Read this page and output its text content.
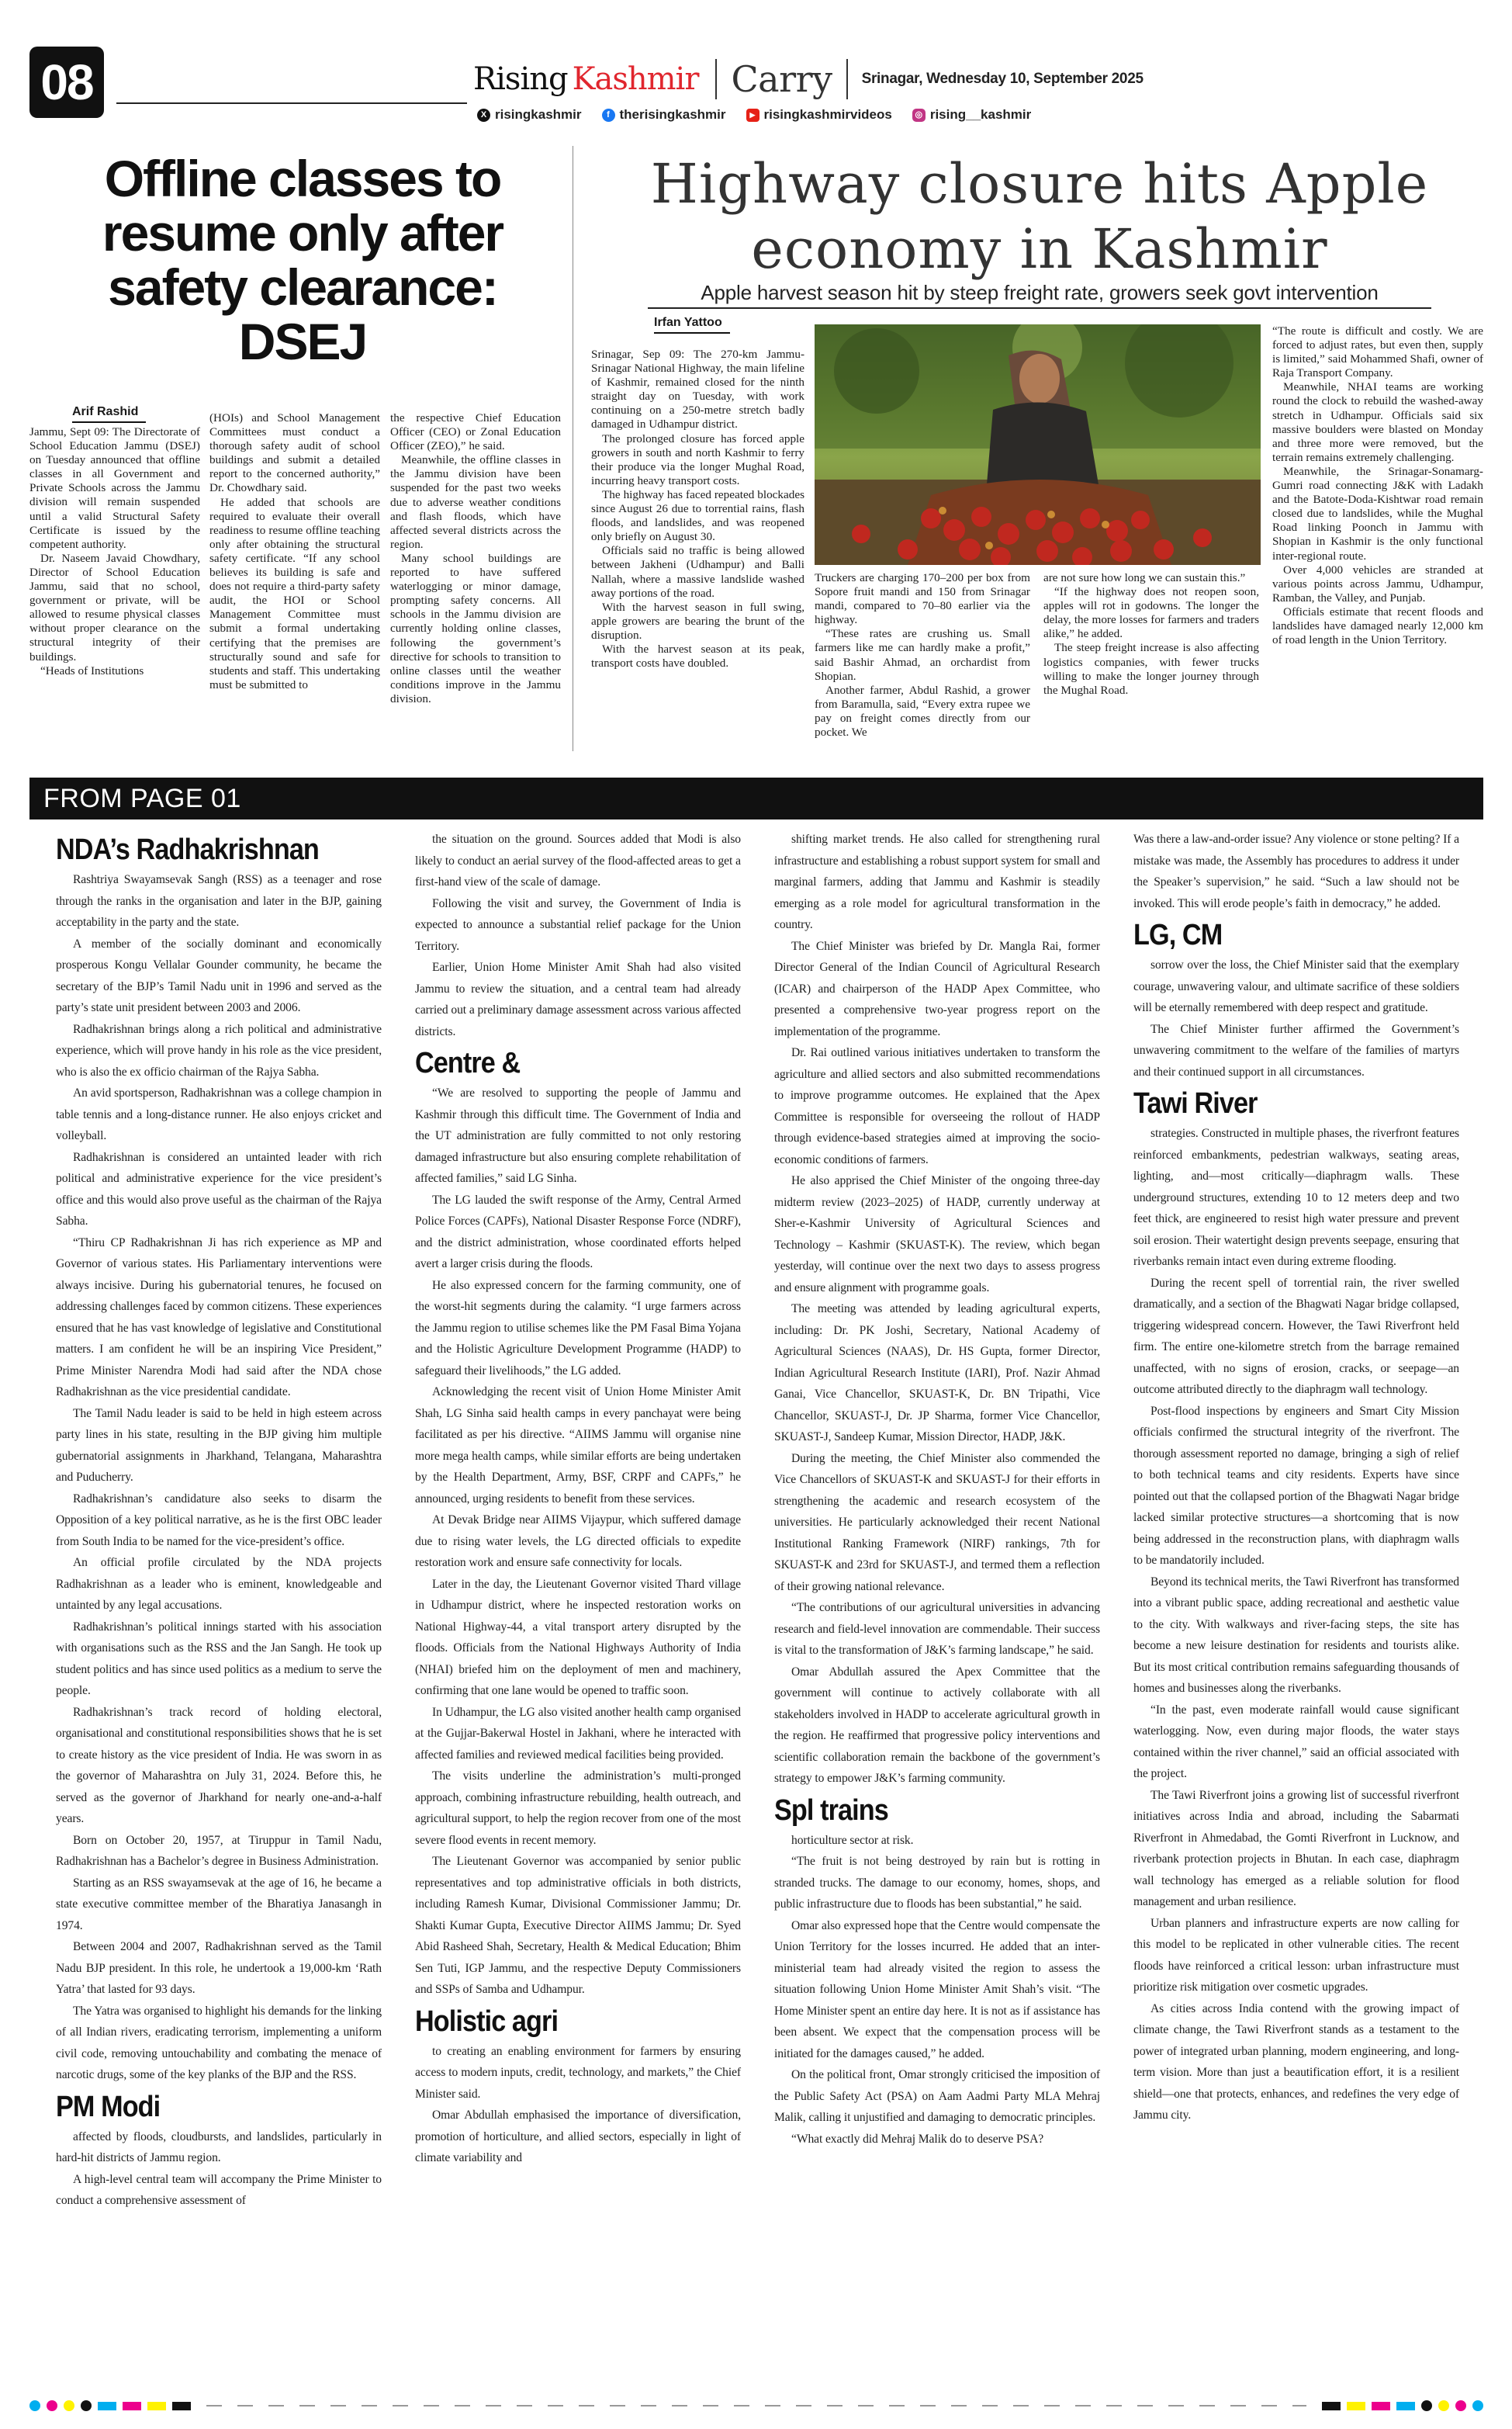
08	Rising Kashmir Carry Srinagar, Wednesday 10, September 2025
X risingkashmir	f therisingkashmir	▶ risingkashmirvideos	◎ rising__kashmir
Offline classes to resume only after safety clearance: DSEJ
Arif Rashid

Jammu, Sept 09: The Directorate of School Education Jammu (DSEJ) on Tuesday announced that offline classes in all Government and Private Schools across the Jammu division will remain suspended until a valid Structural Safety Certificate is issued by the competent authority.

Dr. Naseem Javaid Chowdhary, Director of School Education Jammu, said that no school, government or private, will be allowed to resume physical classes without proper clearance on the structural integrity of their buildings.

“Heads of Institutions

(HOIs) and School Management Committees must conduct a thorough safety audit of school buildings and submit a detailed report to the concerned authority,” Dr. Chowdhary said.

He added that schools are required to evaluate their overall readiness to resume offline teaching only after obtaining the structural safety certificate. “If any school believes its building is safe and does not require a third-party safety audit, the HOI or School Management Committee must submit a formal undertaking certifying that the premises are structurally sound and safe for students and staff. This undertaking must be submitted to

the respective Chief Education Officer (CEO) or Zonal Education Officer (ZEO),” he said.

Meanwhile, the offline classes in the Jammu division have been suspended for the past two weeks due to adverse weather conditions and flash floods, which have affected several districts across the region.

Many school buildings are reported to have suffered waterlogging or minor damage, prompting safety concerns. All schools in the Jammu division are currently holding online classes, following the government’s directive for schools to transition to online classes until the weather conditions improve in the Jammu division.

Highway closure hits Apple
economy in Kashmir
Apple harvest season hit by steep freight rate, growers seek govt intervention
Irfan Yattoo

Srinagar, Sep 09: The 270-km Jammu-Srinagar National Highway, the main lifeline of Kashmir, remained closed for the ninth straight day on Tuesday, with work continuing on a 250-metre stretch badly damaged in Udhampur district.

The prolonged closure has forced apple growers in south and north Kashmir to ferry their produce via the longer Mughal Road, incurring heavy transport costs.

The highway has faced repeated blockades since August 26 due to torrential rains, flash floods, and landslides, and was reopened only briefly on August 30.

Officials said no traffic is being allowed between Jakheni (Udhampur) and Balli Nallah, where a massive landslide washed away portions of the road.

With the harvest season in full swing, apple growers are bearing the brunt of the disruption.

With the harvest season at its peak, transport costs have doubled.

Truckers are charging 170–200 per box from Sopore fruit mandi and 150 from Srinagar mandi, compared to 70–80 earlier via the highway.

“These rates are crushing us. Small farmers like me can hardly make a profit,” said Bashir Ahmad, an orchardist from Shopian.

Another farmer, Abdul Rashid, a grower from Baramulla, said, “Every extra rupee we pay on freight comes directly from our pocket. We

are not sure how long we can sustain this.”

“If the highway does not reopen soon, apples will rot in godowns. The longer the delay, the more losses for farmers and traders alike,” he added.

The steep freight increase is also affecting logistics companies, with fewer trucks willing to make the longer journey through the Mughal Road.

“The route is difficult and costly. We are forced to adjust rates, but even then, supply is limited,” said Mohammed Shafi, owner of Raja Transport Company.

Meanwhile, NHAI teams are working round the clock to rebuild the washed-away stretch in Udhampur. Officials said six massive boulders were blasted on Monday and three more were removed, but the terrain remains extremely challenging.

Meanwhile, the Srinagar-Sonamarg-Gumri road connecting J&K with Ladakh and the Batote-Doda-Kishtwar road remain closed due to landslides, while the Mughal Road linking Poonch in Jammu with Shopian in Kashmir is the only functional inter-regional route.

Over 4,000 vehicles are stranded at various points across Jammu, Udhampur, Ramban, the Valley, and Punjab.

Officials estimate that recent floods and landslides have damaged nearly 12,000 km of road length in the Union Territory.

FROM PAGE 01
NDA’s Radhakrishnan

Rashtriya Swayamsevak Sangh (RSS) as a teenager and rose through the ranks in the organisation and later in the BJP, gaining acceptability in the party and the state.

A member of the socially dominant and economically prosperous Kongu Vellalar Gounder community, he became the secretary of the BJP’s Tamil Nadu unit in 1996 and served as the party’s state unit president between 2003 and 2006.

Radhakrishnan brings along a rich political and administrative experience, which will prove handy in his role as the vice president, who is also the ex officio chairman of the Rajya Sabha.

An avid sportsperson, Radhakrishnan was a college champion in table tennis and a long-distance runner. He also enjoys cricket and volleyball.

Radhakrishnan is considered an untainted leader with rich political and administrative experience for the vice president’s office and this would also prove useful as the chairman of the Rajya Sabha.

“Thiru CP Radhakrishnan Ji has rich experience as MP and Governor of various states. His Parliamentary interventions were always incisive. During his gubernatorial tenures, he focused on addressing challenges faced by common citizens. These experiences ensured that he has vast knowledge of legislative and Constitutional matters. I am confident he will be an inspiring Vice President,” Prime Minister Narendra Modi had said after the NDA chose Radhakrishnan as the vice presidential candidate.

The Tamil Nadu leader is said to be held in high esteem across party lines in his state, resulting in the BJP giving him multiple gubernatorial assignments in Jharkhand, Telangana, Maharashtra and Puducherry.

Radhakrishnan’s candidature also seeks to disarm the Opposition of a key political narrative, as he is the first OBC leader from South India to be named for the vice-president’s office.

An official profile circulated by the NDA projects Radhakrishnan as a leader who is eminent, knowledgeable and untainted by any legal accusations.

Radhakrishnan’s political innings started with his association with organisations such as the RSS and the Jan Sangh. He took up student politics and has since used politics as a medium to serve the people.

Radhakrishnan’s track record of holding electoral, organisational and constitutional responsibilities shows that he is set to create history as the vice president of India. He was sworn in as the governor of Maharashtra on July 31, 2024. Before this, he served as the governor of Jharkhand for nearly one-and-a-half years.

Born on October 20, 1957, at Tiruppur in Tamil Nadu, Radhakrishnan has a Bachelor’s degree in Business Administration.

Starting as an RSS swayamsevak at the age of 16, he became a state executive committee member of the Bharatiya Janasangh in 1974.

Between 2004 and 2007, Radhakrishnan served as the Tamil Nadu BJP president. In this role, he undertook a 19,000-km ‘Rath Yatra’ that lasted for 93 days.

The Yatra was organised to highlight his demands for the linking of all Indian rivers, eradicating terrorism, implementing a uniform civil code, removing untouchability and combating the menace of narcotic drugs, some of the key planks of the BJP and the RSS.

PM Modi

affected by floods, cloudbursts, and landslides, particularly in hard-hit districts of Jammu region.

A high-level central team will accompany the Prime Minister to conduct a comprehensive assessment of

the situation on the ground. Sources added that Modi is also likely to conduct an aerial survey of the flood-affected areas to get a first-hand view of the scale of damage.

Following the visit and survey, the Government of India is expected to announce a substantial relief package for the Union Territory.

Earlier, Union Home Minister Amit Shah had also visited Jammu to review the situation, and a central team had already carried out a preliminary damage assessment across various affected districts.

Centre &

“We are resolved to supporting the people of Jammu and Kashmir through this difficult time. The Government of India and the UT administration are fully committed to not only restoring damaged infrastructure but also ensuring complete rehabilitation of affected families,” said LG Sinha.

The LG lauded the swift response of the Army, Central Armed Police Forces (CAPFs), National Disaster Response Force (NDRF), and the district administration, whose coordinated efforts helped avert a larger crisis during the floods.

He also expressed concern for the farming community, one of the worst-hit segments during the calamity. “I urge farmers across the Jammu region to utilise schemes like the PM Fasal Bima Yojana and the Holistic Agriculture Development Programme (HADP) to safeguard their livelihoods,” the LG added.

Acknowledging the recent visit of Union Home Minister Amit Shah, LG Sinha said health camps in every panchayat were being facilitated as per his directive. “AIIMS Jammu will organise nine more mega health camps, while similar efforts are being undertaken by the Health Department, Army, BSF, CRPF and CAPFs,” he announced, urging residents to benefit from these services.

At Devak Bridge near AIIMS Vijaypur, which suffered damage due to rising water levels, the LG directed officials to expedite restoration work and ensure safe connectivity for locals.

Later in the day, the Lieutenant Governor visited Thard village in Udhampur district, where he inspected restoration works on National Highway-44, a vital transport artery disrupted by the floods. Officials from the National Highways Authority of India (NHAI) briefed him on the deployment of men and machinery, confirming that one lane would be opened to traffic soon.

In Udhampur, the LG also visited another health camp organised at the Gujjar-Bakerwal Hostel in Jakhani, where he interacted with affected families and reviewed medical facilities being provided.

The visits underline the administration’s multi-pronged approach, combining infrastructure rebuilding, health outreach, and agricultural support, to help the region recover from one of the most severe flood events in recent memory.

The Lieutenant Governor was accompanied by senior public representatives and top administrative officials in both districts, including Ramesh Kumar, Divisional Commissioner Jammu; Dr. Shakti Kumar Gupta, Executive Director AIIMS Jammu; Dr. Syed Abid Rasheed Shah, Secretary, Health & Medical Education; Bhim Sen Tuti, IGP Jammu, and the respective Deputy Commissioners and SSPs of Samba and Udhampur.

Holistic agri

to creating an enabling environment for farmers by ensuring access to modern inputs, credit, technology, and markets,” the Chief Minister said.

Omar Abdullah emphasised the importance of diversification, promotion of horticulture, and allied sectors, especially in light of climate variability and

shifting market trends. He also called for strengthening rural infrastructure and establishing a robust support system for small and marginal farmers, adding that Jammu and Kashmir is steadily emerging as a role model for agricultural transformation in the country.

The Chief Minister was briefed by Dr. Mangla Rai, former Director General of the Indian Council of Agricultural Research (ICAR) and chairperson of the HADP Apex Committee, who presented a comprehensive two-year progress report on the implementation of the programme.

Dr. Rai outlined various initiatives undertaken to transform the agriculture and allied sectors and also submitted recommendations to improve programme outcomes. He explained that the Apex Committee is responsible for overseeing the rollout of HADP through evidence-based strategies aimed at improving the socio-economic conditions of farmers.

He also apprised the Chief Minister of the ongoing three-day midterm review (2023–2025) of HADP, currently underway at Sher-e-Kashmir University of Agricultural Sciences and Technology – Kashmir (SKUAST-K). The review, which began yesterday, will continue over the next two days to assess progress and ensure alignment with programme goals.

The meeting was attended by leading agricultural experts, including: Dr. PK Joshi, Secretary, National Academy of Agricultural Sciences (NAAS), Dr. HS Gupta, former Director, Indian Agricultural Research Institute (IARI), Prof. Nazir Ahmad Ganai, Vice Chancellor, SKUAST-K, Dr. BN Tripathi, Vice Chancellor, SKUAST-J, Dr. JP Sharma, former Vice Chancellor, SKUAST-J, Sandeep Kumar, Mission Director, HADP, J&K.

During the meeting, the Chief Minister also commended the Vice Chancellors of SKUAST-K and SKUAST-J for their efforts in strengthening the academic and research ecosystem of the universities. He particularly acknowledged their recent National Institutional Ranking Framework (NIRF) rankings, 7th for SKUAST-K and 23rd for SKUAST-J, and termed them a reflection of their growing national relevance.

“The contributions of our agricultural universities in advancing research and field-level innovation are commendable. Their success is vital to the transformation of J&K’s farming landscape,” he said.

Omar Abdullah assured the Apex Committee that the government will continue to actively collaborate with all stakeholders involved in HADP to accelerate agricultural growth in the region. He reaffirmed that progressive policy interventions and scientific collaboration remain the backbone of the government’s strategy to empower J&K’s farming community.

Spl trains

horticulture sector at risk.

“The fruit is not being destroyed by rain but is rotting in stranded trucks. The damage to our economy, homes, shops, and public infrastructure due to floods has been substantial,” he said.

Omar also expressed hope that the Centre would compensate the Union Territory for the losses incurred. He added that an inter-ministerial team had already visited the region to assess the situation following Union Home Minister Amit Shah’s visit. “The Home Minister spent an entire day here. It is not as if assistance has been absent. We expect that the compensation process will be initiated for the damages caused,” he added.

On the political front, Omar strongly criticised the imposition of the Public Safety Act (PSA) on Aam Aadmi Party MLA Mehraj Malik, calling it unjustified and damaging to democratic principles.

“What exactly did Mehraj Malik do to deserve PSA?

Was there a law-and-order issue? Any violence or stone pelting? If a mistake was made, the Assembly has procedures to address it under the Speaker’s supervision,” he said. “Such a law should not be invoked. This will erode people’s faith in democracy,” he added.

LG, CM

sorrow over the loss, the Chief Minister said that the exemplary courage, unwavering valour, and ultimate sacrifice of these soldiers will be eternally remembered with deep respect and gratitude.

The Chief Minister further affirmed the Government’s unwavering commitment to the welfare of the families of martyrs and their continued support in all circumstances.

Tawi River

strategies. Constructed in multiple phases, the riverfront features reinforced embankments, pedestrian walkways, seating areas, lighting, and—most critically—diaphragm walls. These underground structures, extending 10 to 12 meters deep and two feet thick, are engineered to resist high water pressure and prevent soil erosion. Their watertight design prevents seepage, ensuring that riverbanks remain intact even during extreme flooding.

During the recent spell of torrential rain, the river swelled dramatically, and a section of the Bhagwati Nagar bridge collapsed, triggering widespread concern. However, the Tawi Riverfront held firm. The entire one-kilometre stretch from the barrage remained unaffected, with no signs of erosion, cracks, or seepage—an outcome attributed directly to the diaphragm wall technology.

Post-flood inspections by engineers and Smart City Mission officials confirmed the structural integrity of the riverfront. The thorough assessment reported no damage, bringing a sigh of relief to both technical teams and city residents. Experts have since pointed out that the collapsed portion of the Bhagwati Nagar bridge lacked similar protective structures—a shortcoming that is now being addressed in the reconstruction plans, with diaphragm walls to be mandatorily included.

Beyond its technical merits, the Tawi Riverfront has transformed into a vibrant public space, adding recreational and aesthetic value to the city. With walkways and river-facing steps, the site has become a new leisure destination for residents and tourists alike. But its most critical contribution remains safeguarding thousands of homes and businesses along the riverbanks.

“In the past, even moderate rainfall would cause significant waterlogging. Now, even during major floods, the water stays contained within the river channel,” said an official associated with the project.

The Tawi Riverfront joins a growing list of successful riverfront initiatives across India and abroad, including the Sabarmati Riverfront in Ahmedabad, the Gomti Riverfront in Lucknow, and riverbank protection projects in Bhutan. In each case, diaphragm wall technology has emerged as a reliable solution for flood management and urban resilience.

Urban planners and infrastructure experts are now calling for this model to be replicated in other vulnerable cities. The recent floods have reinforced a critical lesson: urban infrastructure must prioritize risk mitigation over cosmetic upgrades.

As cities across India contend with the growing impact of climate change, the Tawi Riverfront stands as a testament to the power of integrated urban planning, modern engineering, and long-term vision. More than just a beautification effort, it is a resilient shield—one that protects, enhances, and redefines the very edge of Jammu city.
